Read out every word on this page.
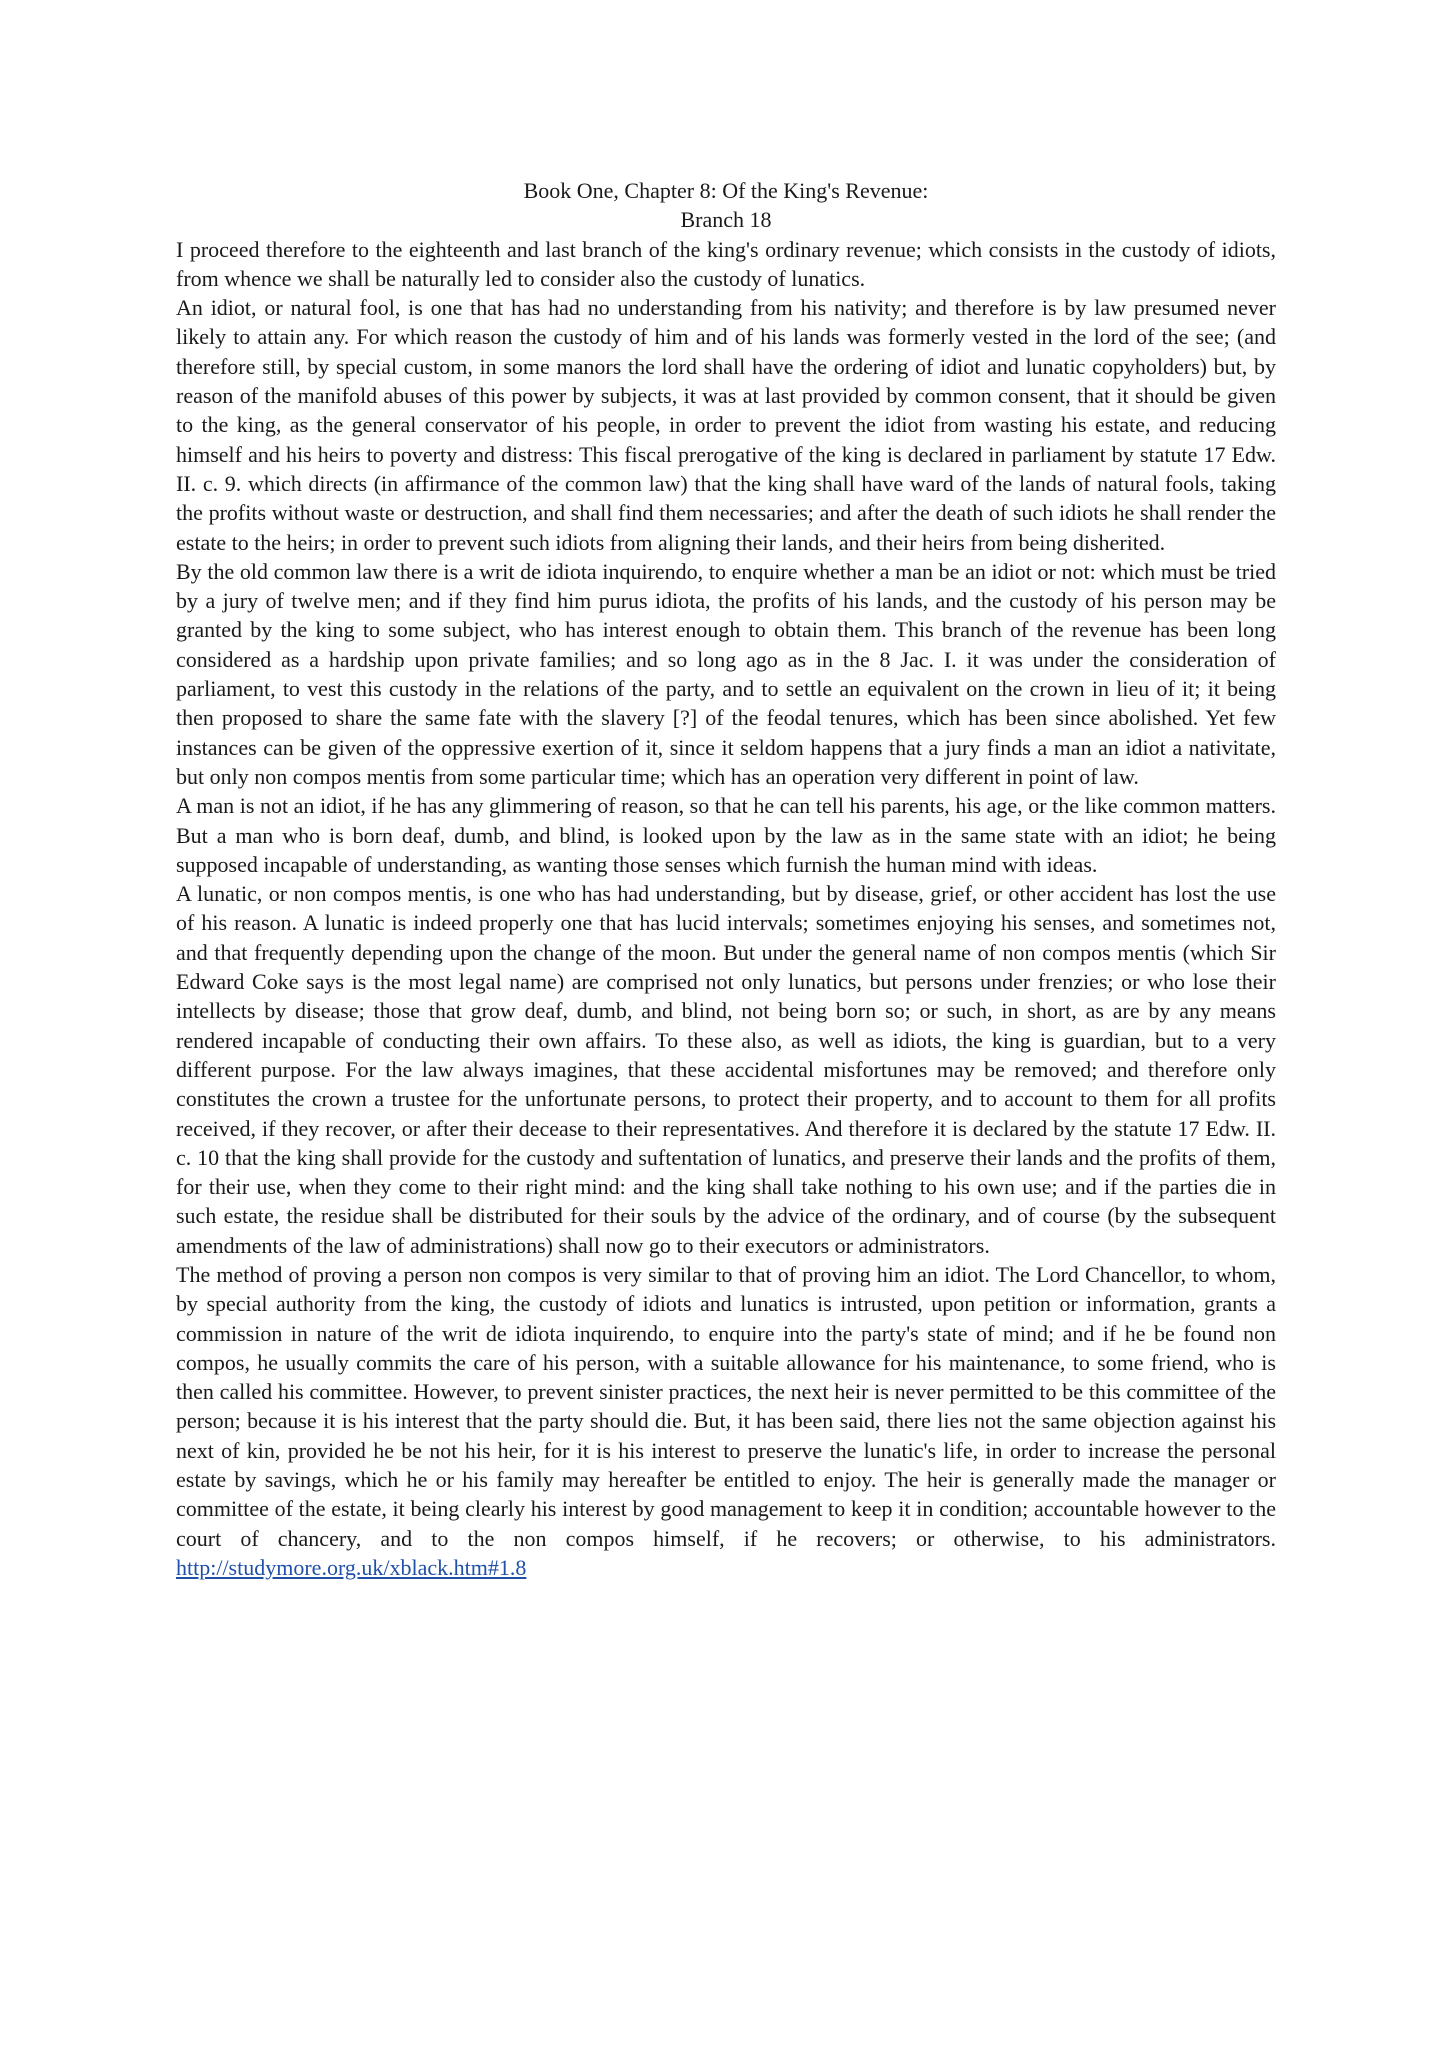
Book One, Chapter 8: Of the King's Revenue:
Branch 18

I proceed therefore to the eighteenth and last branch of the king's ordinary revenue; which consists in the custody of idiots, from whence we shall be naturally led to consider also the custody of lunatics.

An idiot, or natural fool, is one that has had no understanding from his nativity; and therefore is by law presumed never likely to attain any. For which reason the custody of him and of his lands was formerly vested in the lord of the see; (and therefore still, by special custom, in some manors the lord shall have the ordering of idiot and lunatic copyholders) but, by reason of the manifold abuses of this power by subjects, it was at last provided by common consent, that it should be given to the king, as the general conservator of his people, in order to prevent the idiot from wasting his estate, and reducing himself and his heirs to poverty and distress: This fiscal prerogative of the king is declared in parliament by statute 17 Edw. II. c. 9. which directs (in affirmance of the common law) that the king shall have ward of the lands of natural fools, taking the profits without waste or destruction, and shall find them necessaries; and after the death of such idiots he shall render the estate to the heirs; in order to prevent such idiots from aligning their lands, and their heirs from being disherited.

By the old common law there is a writ de idiota inquirendo, to enquire whether a man be an idiot or not: which must be tried by a jury of twelve men; and if they find him purus idiota, the profits of his lands, and the custody of his person may be granted by the king to some subject, who has interest enough to obtain them. This branch of the revenue has been long considered as a hardship upon private families; and so long ago as in the 8 Jac. I. it was under the consideration of parliament, to vest this custody in the relations of the party, and to settle an equivalent on the crown in lieu of it; it being then proposed to share the same fate with the slavery [?] of the feodal tenures, which has been since abolished. Yet few instances can be given of the oppressive exertion of it, since it seldom happens that a jury finds a man an idiot a nativitate, but only non compos mentis from some particular time; which has an operation very different in point of law.

A man is not an idiot, if he has any glimmering of reason, so that he can tell his parents, his age, or the like common matters. But a man who is born deaf, dumb, and blind, is looked upon by the law as in the same state with an idiot; he being supposed incapable of understanding, as wanting those senses which furnish the human mind with ideas.

A lunatic, or non compos mentis, is one who has had understanding, but by disease, grief, or other accident has lost the use of his reason. A lunatic is indeed properly one that has lucid intervals; sometimes enjoying his senses, and sometimes not, and that frequently depending upon the change of the moon. But under the general name of non compos mentis (which Sir Edward Coke says is the most legal name) are comprised not only lunatics, but persons under frenzies; or who lose their intellects by disease; those that grow deaf, dumb, and blind, not being born so; or such, in short, as are by any means rendered incapable of conducting their own affairs. To these also, as well as idiots, the king is guardian, but to a very different purpose. For the law always imagines, that these accidental misfortunes may be removed; and therefore only constitutes the crown a trustee for the unfortunate persons, to protect their property, and to account to them for all profits received, if they recover, or after their decease to their representatives. And therefore it is declared by the statute 17 Edw. II. c. 10 that the king shall provide for the custody and suftentation of lunatics, and preserve their lands and the profits of them, for their use, when they come to their right mind: and the king shall take nothing to his own use; and if the parties die in such estate, the residue shall be distributed for their souls by the advice of the ordinary, and of course (by the subsequent amendments of the law of administrations) shall now go to their executors or administrators.

The method of proving a person non compos is very similar to that of proving him an idiot. The Lord Chancellor, to whom, by special authority from the king, the custody of idiots and lunatics is intrusted, upon petition or information, grants a commission in nature of the writ de idiota inquirendo, to enquire into the party's state of mind; and if he be found non compos, he usually commits the care of his person, with a suitable allowance for his maintenance, to some friend, who is then called his committee. However, to prevent sinister practices, the next heir is never permitted to be this committee of the person; because it is his interest that the party should die. But, it has been said, there lies not the same objection against his next of kin, provided he be not his heir, for it is his interest to preserve the lunatic's life, in order to increase the personal estate by savings, which he or his family may hereafter be entitled to enjoy. The heir is generally made the manager or committee of the estate, it being clearly his interest by good management to keep it in condition; accountable however to the court of chancery, and to the non compos himself, if he recovers; or otherwise, to his administrators. http://studymore.org.uk/xblack.htm#1.8
